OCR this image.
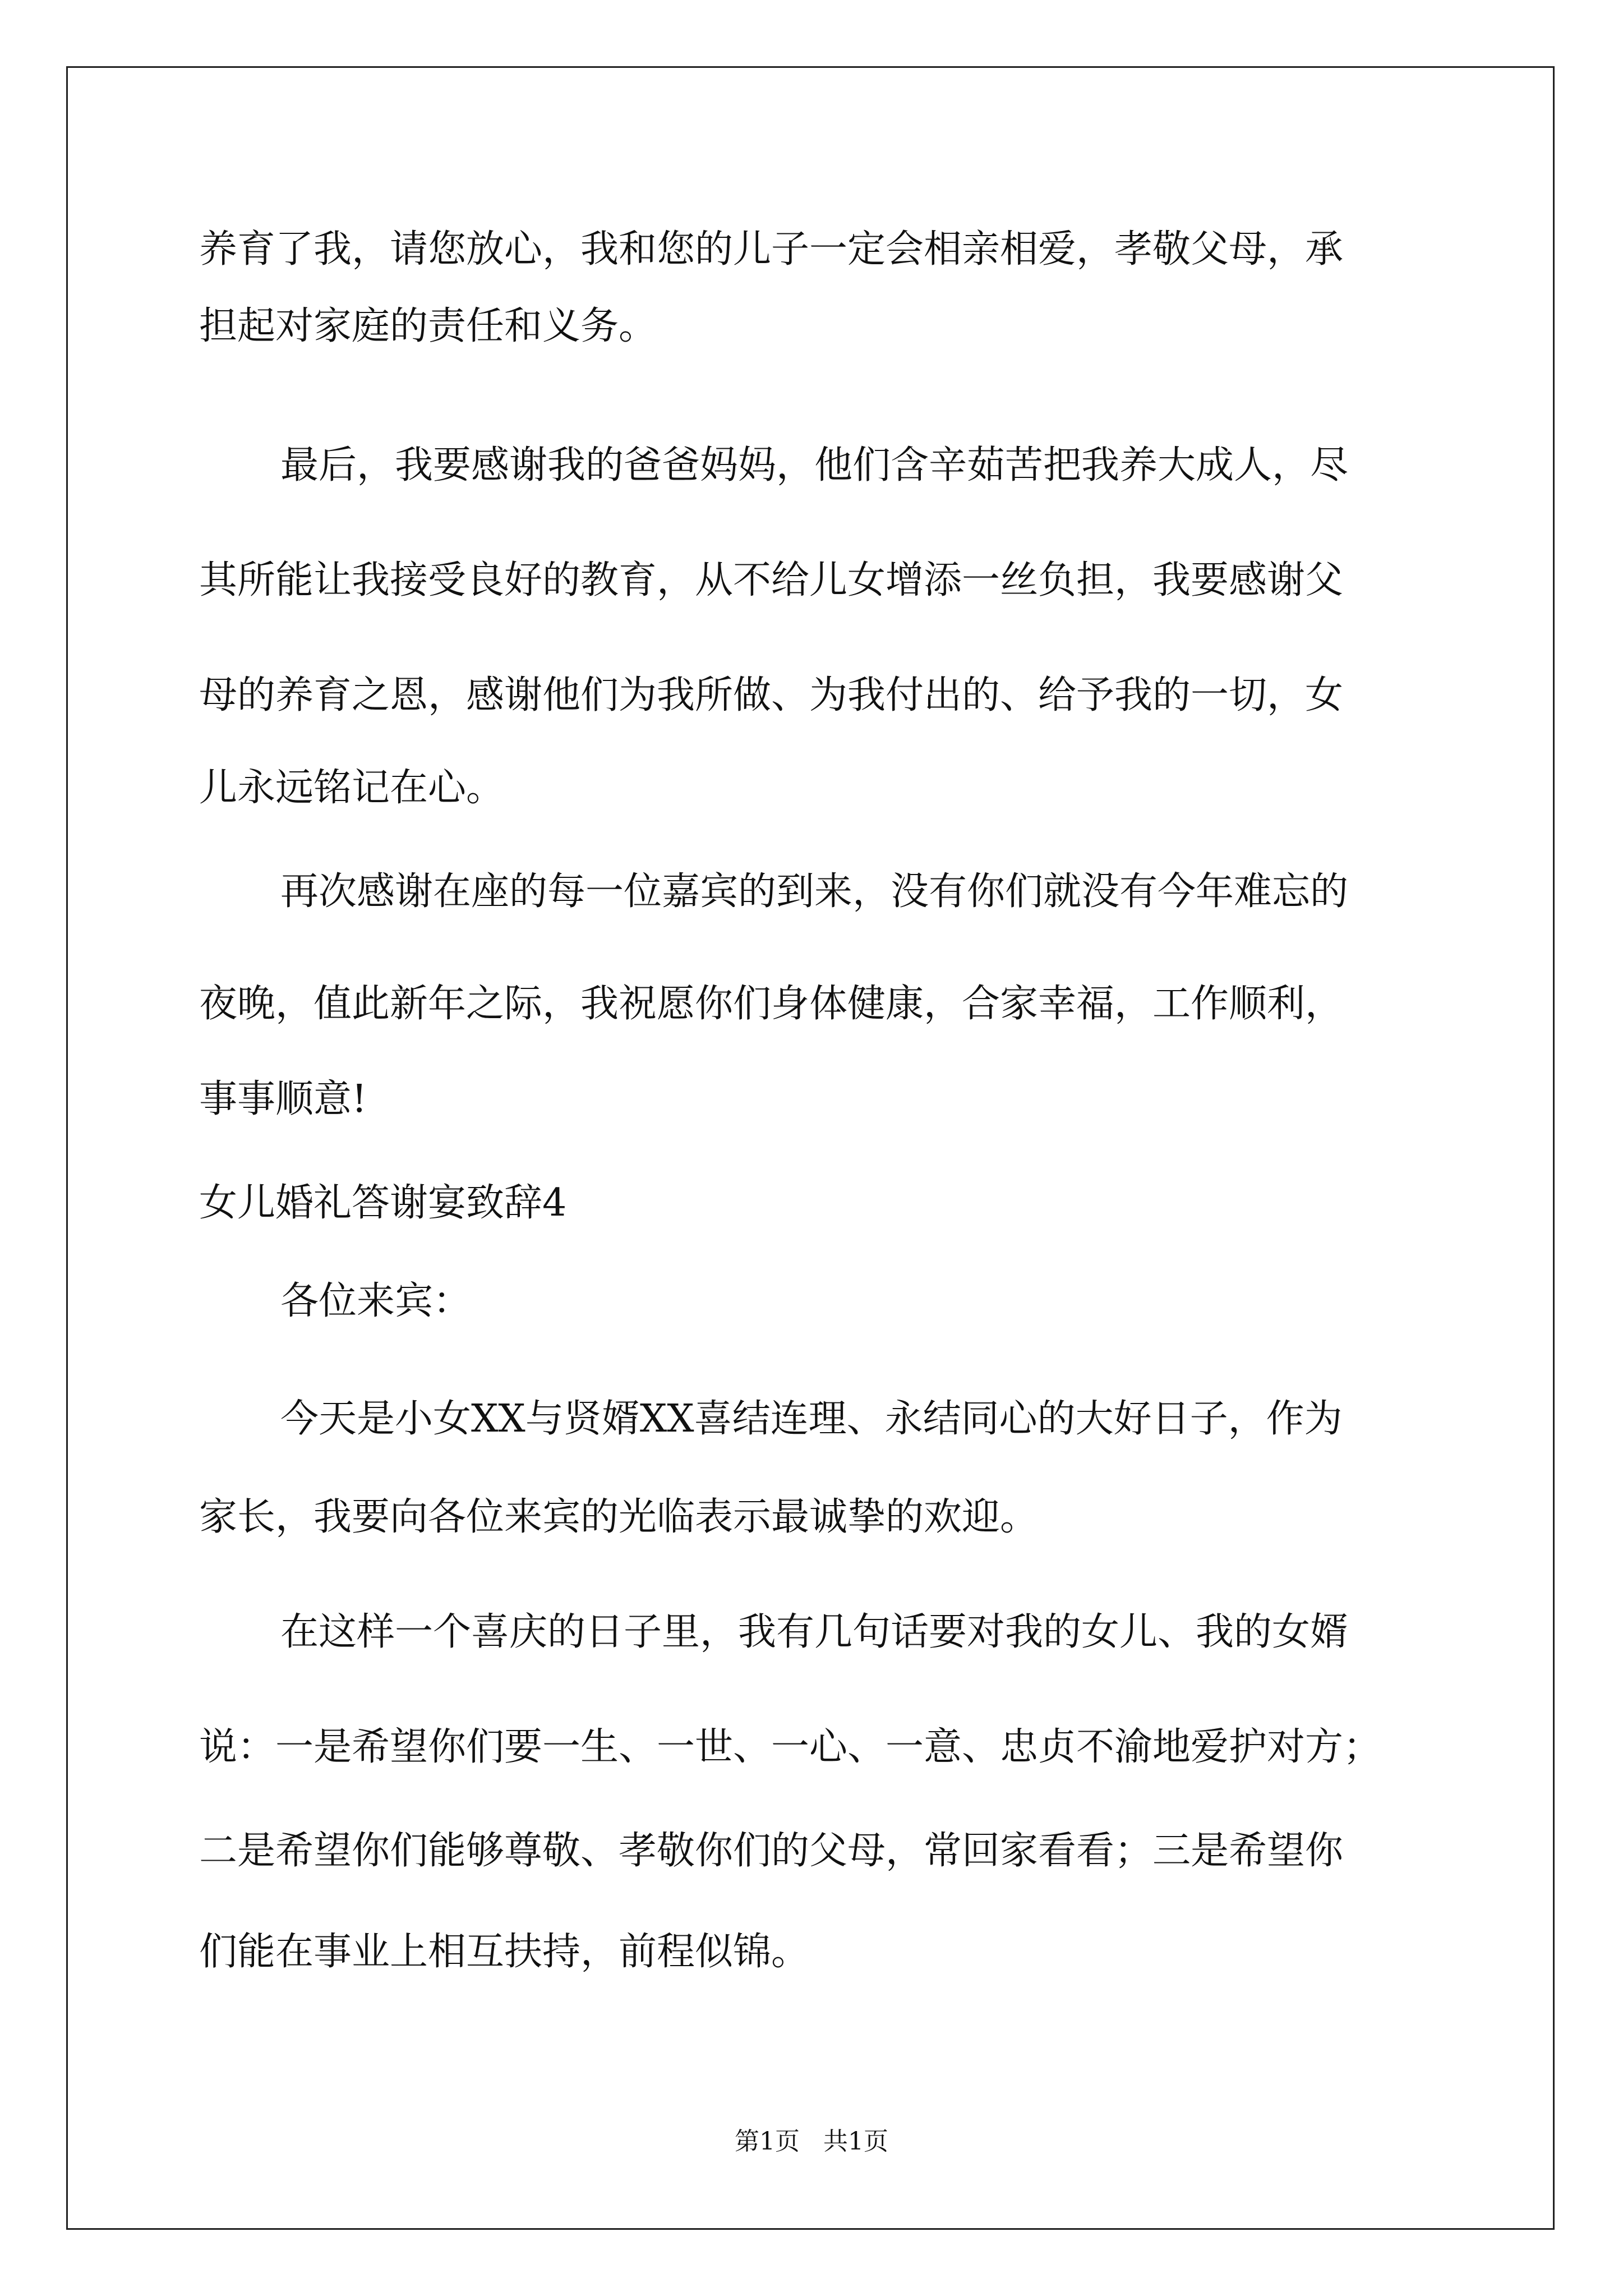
养育了我，请您放心，我和您的儿子一定会相亲相爱，孝敬父母，承
担起对家庭的责任和义务。
最后，我要感谢我的爸爸妈妈，他们含辛茹苦把我养大成人，尽
其所能让我接受良好的教育，从不给儿女增添一丝负担，我要感谢父
母的养育之恩，感谢他们为我所做、为我付出的、给予我的一切，女
儿永远铭记在心。
再次感谢在座的每一位嘉宾的到来，没有你们就没有今年难忘的
夜晚，值此新年之际，我祝愿你们身体健康，合家幸福，工作顺利，
事事顺意!
女儿婚礼答谢宴致辞4
各位来宾：
今天是小女XX与贤婿XX喜结连理、永结同心的大好日子，作为
家长，我要向各位来宾的光临表示最诚挚的欢迎。
在这样一个喜庆的日子里，我有几句话要对我的女儿、我的女婿
说：一是希望你们要一生、一世、一心、一意、忠贞不渝地爱护对方；
二是希望你们能够尊敬、孝敬你们的父母，常回家看看；三是希望你
们能在事业上相互扶持，前程似锦。
第1页   共1页
